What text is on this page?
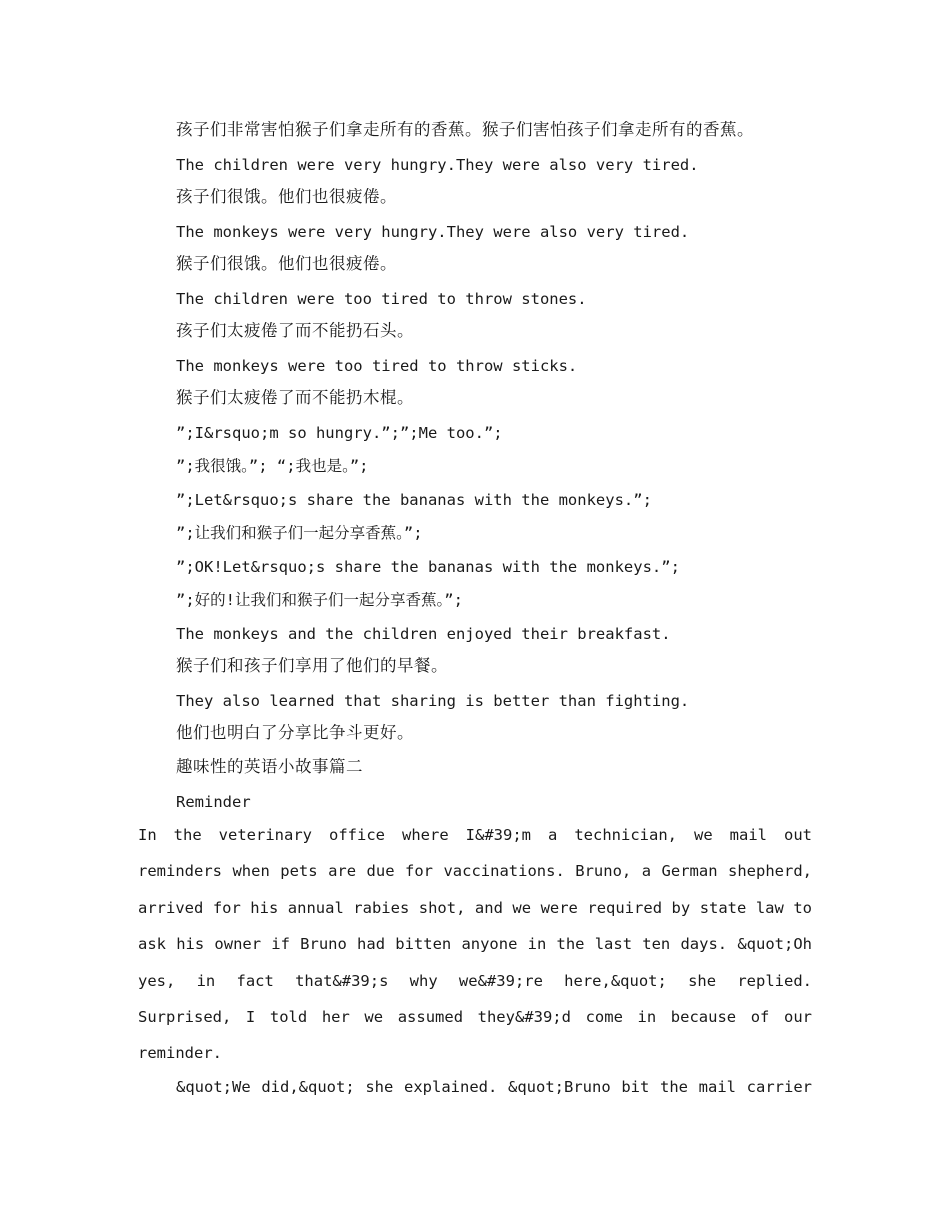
孩子们非常害怕猴子们拿走所有的香蕉。猴子们害怕孩子们拿走所有的香蕉。
The children were very hungry.They were also very tired.
孩子们很饿。他们也很疲倦。
The monkeys were very hungry.They were also very tired.
猴子们很饿。他们也很疲倦。
The children were too tired to throw stones.
孩子们太疲倦了而不能扔石头。
The monkeys were too tired to throw sticks.
猴子们太疲倦了而不能扔木棍。
”;I&rsquo;m so hungry.”;”;Me too.”;
”;我很饿。”; “;我也是。”;
”;Let&rsquo;s share the bananas with the monkeys.”;
”;让我们和猴子们一起分享香蕉。”;
”;OK!Let&rsquo;s share the bananas with the monkeys.”;
”;好的!让我们和猴子们一起分享香蕉。”;
The monkeys and the children enjoyed their breakfast.
猴子们和孩子们享用了他们的早餐。
They also learned that sharing is better than fighting.
他们也明白了分享比争斗更好。
趣味性的英语小故事篇二
Reminder
In the veterinary office where I&#39;m a technician, we mail out
reminders when pets are due for vaccinations. Bruno, a German shepherd,
arrived for his annual rabies shot, and we were required by state law to
ask his owner if Bruno had bitten anyone in the last ten days. &quot;Oh
yes, in fact that&#39;s why we&#39;re here,&quot; she replied.
Surprised, I told her we assumed they&#39;d come in because of our
reminder.
&quot;We did,&quot; she explained. &quot;Bruno bit the mail carrier
